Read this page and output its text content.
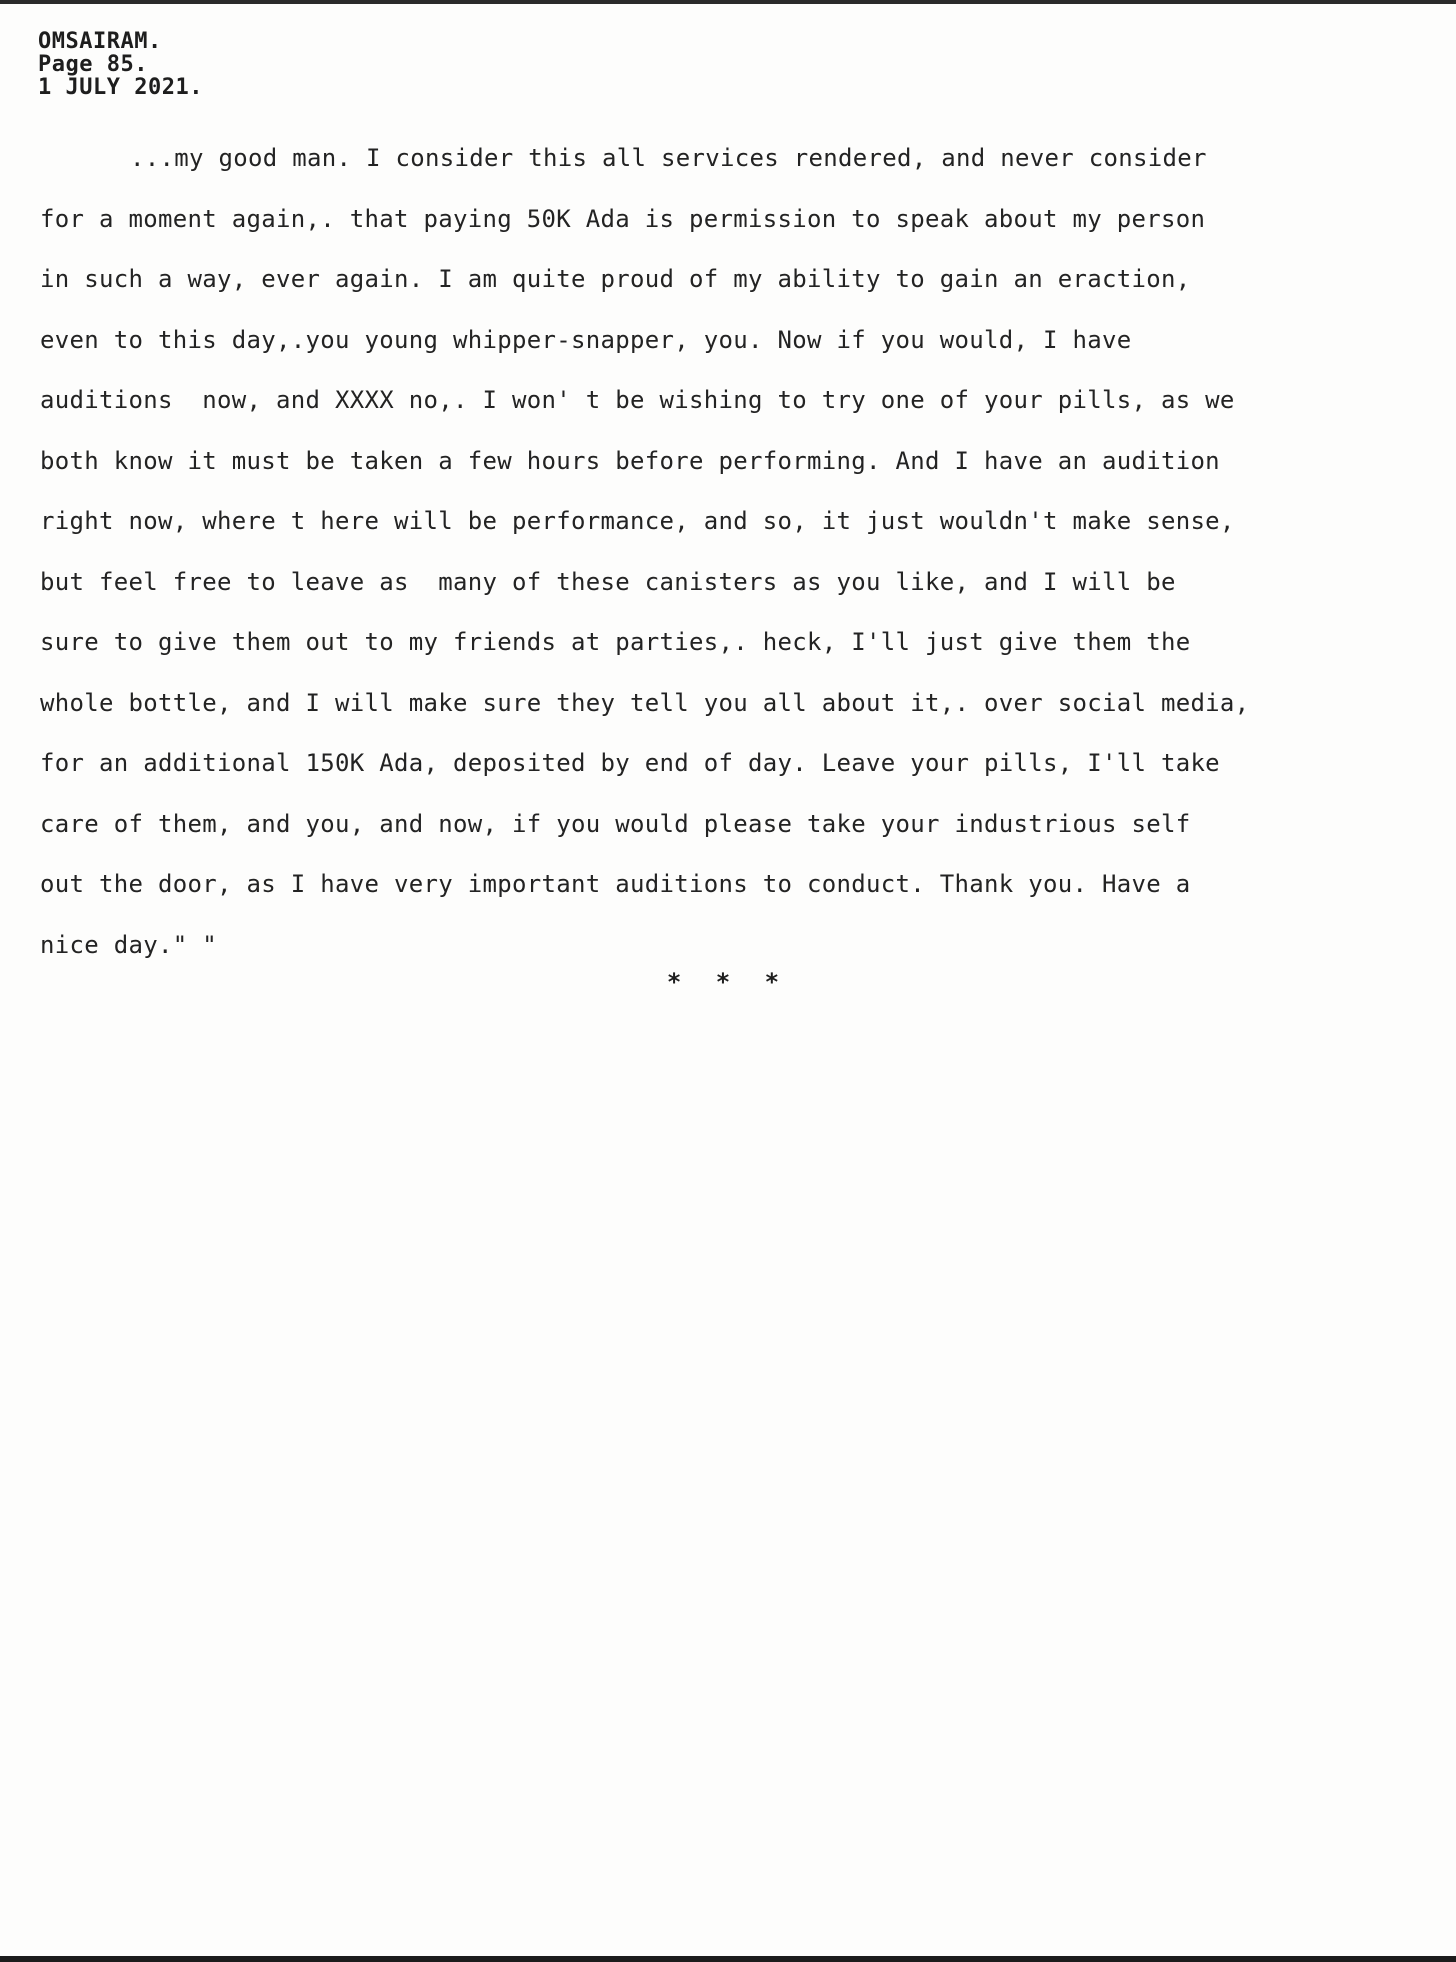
OMSAIRAM.
Page 85.
1 JULY 2021.
...my good man. I consider this all services rendered, and never consider
for a moment again,. that paying 50K Ada is permission to speak about my person
in such a way, ever again. I am quite proud of my ability to gain an eraction,
even to this day,.you young whipper-snapper, you. Now if you would, I have
auditions  now, and XXXX no,. I won' t be wishing to try one of your pills, as we
both know it must be taken a few hours before performing. And I have an audition
right now, where t here will be performance, and so, it just wouldn't make sense,
but feel free to leave as  many of these canisters as you like, and I will be
sure to give them out to my friends at parties,. heck, I'll just give them the
whole bottle, and I will make sure they tell you all about it,. over social media,
for an additional 150K Ada, deposited by end of day. Leave your pills, I'll take
care of them, and you, and now, if you would please take your industrious self
out the door, as I have very important auditions to conduct. Thank you. Have a
nice day." "
* * *
